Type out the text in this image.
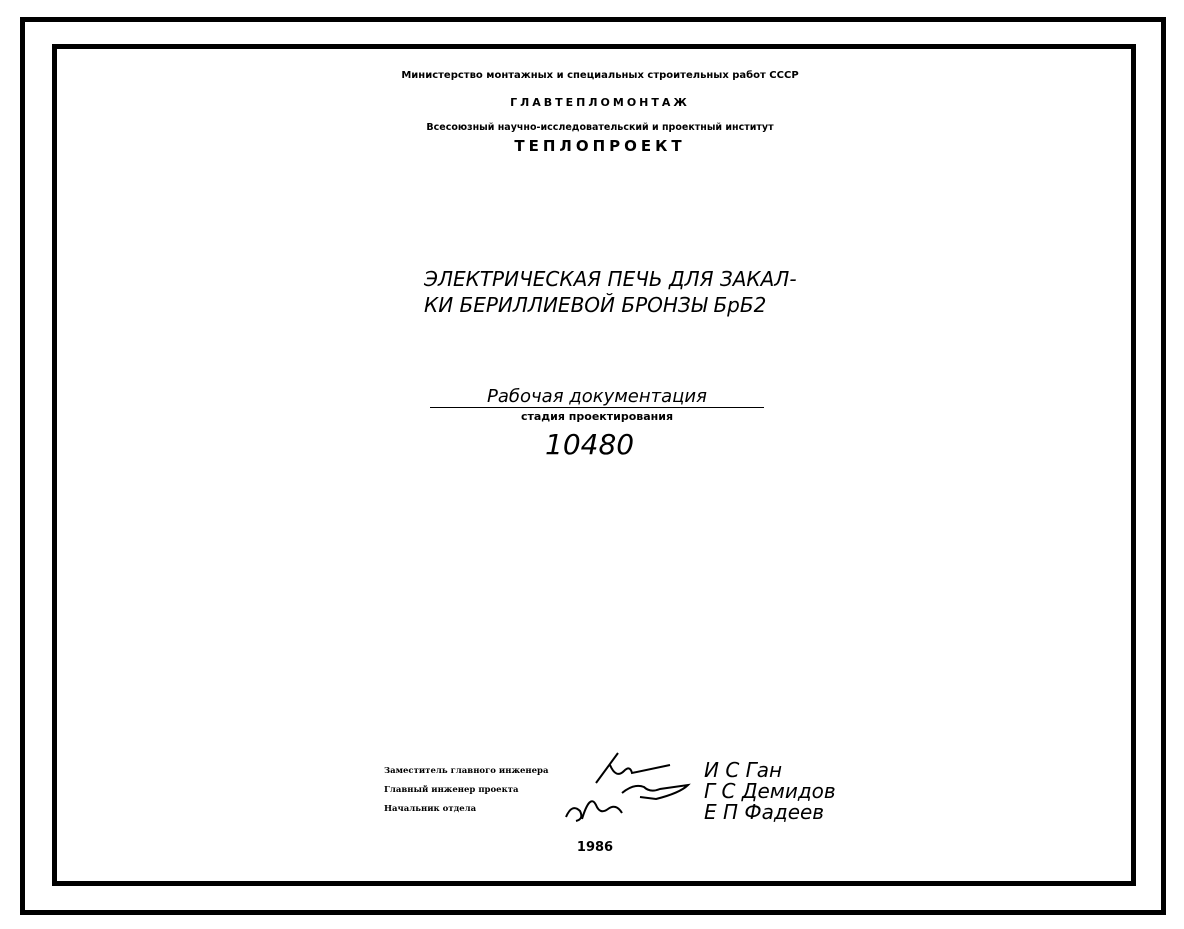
Министерство монтажных и специальных строительных работ СССР
ГЛАВТЕПЛОМОНТАЖ
Всесоюзный научно-исследовательский и проектный институт
ТЕПЛОПРОЕКТ
ЭЛЕКТРИЧЕСКАЯ ПЕЧЬ ДЛЯ ЗАКАЛ-
КИ БЕРИЛЛИЕВОЙ БРОНЗЫ БрБ2
Рабочая документация
стадия проектирования
10480
Заместитель главного инженера
Главный инженер проекта
Начальник отдела
И С Ган
Г С Демидов
Е П Фадеев
1986
